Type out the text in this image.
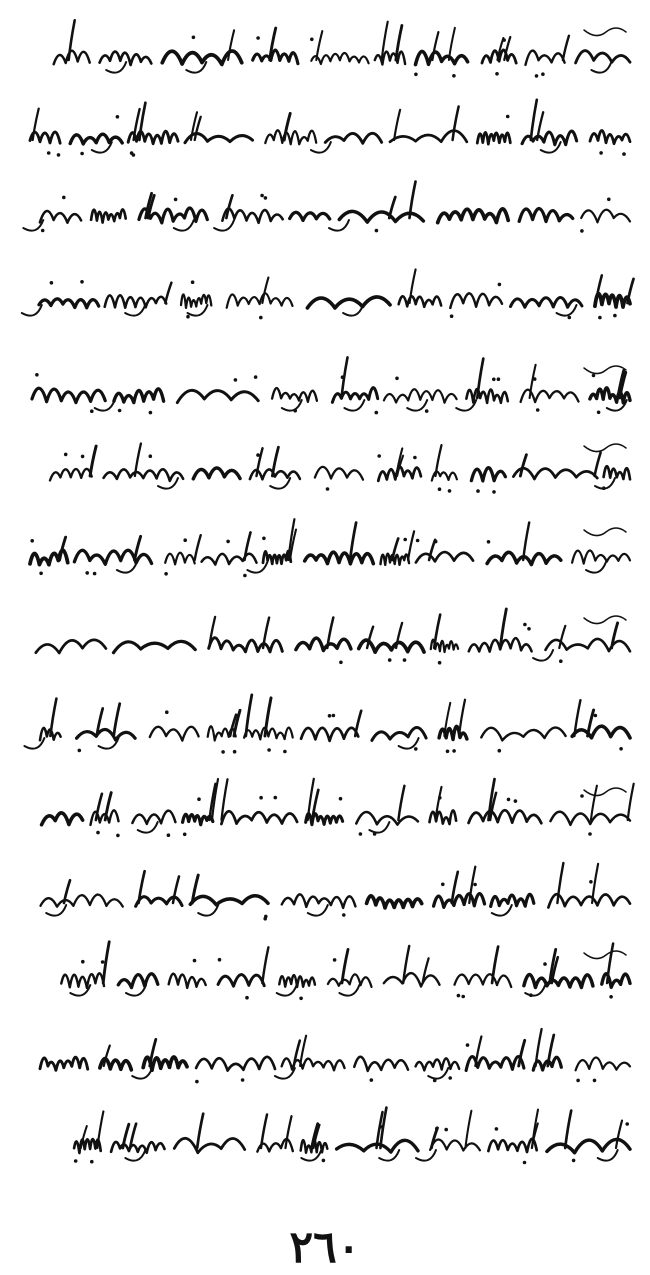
٢٦٠
